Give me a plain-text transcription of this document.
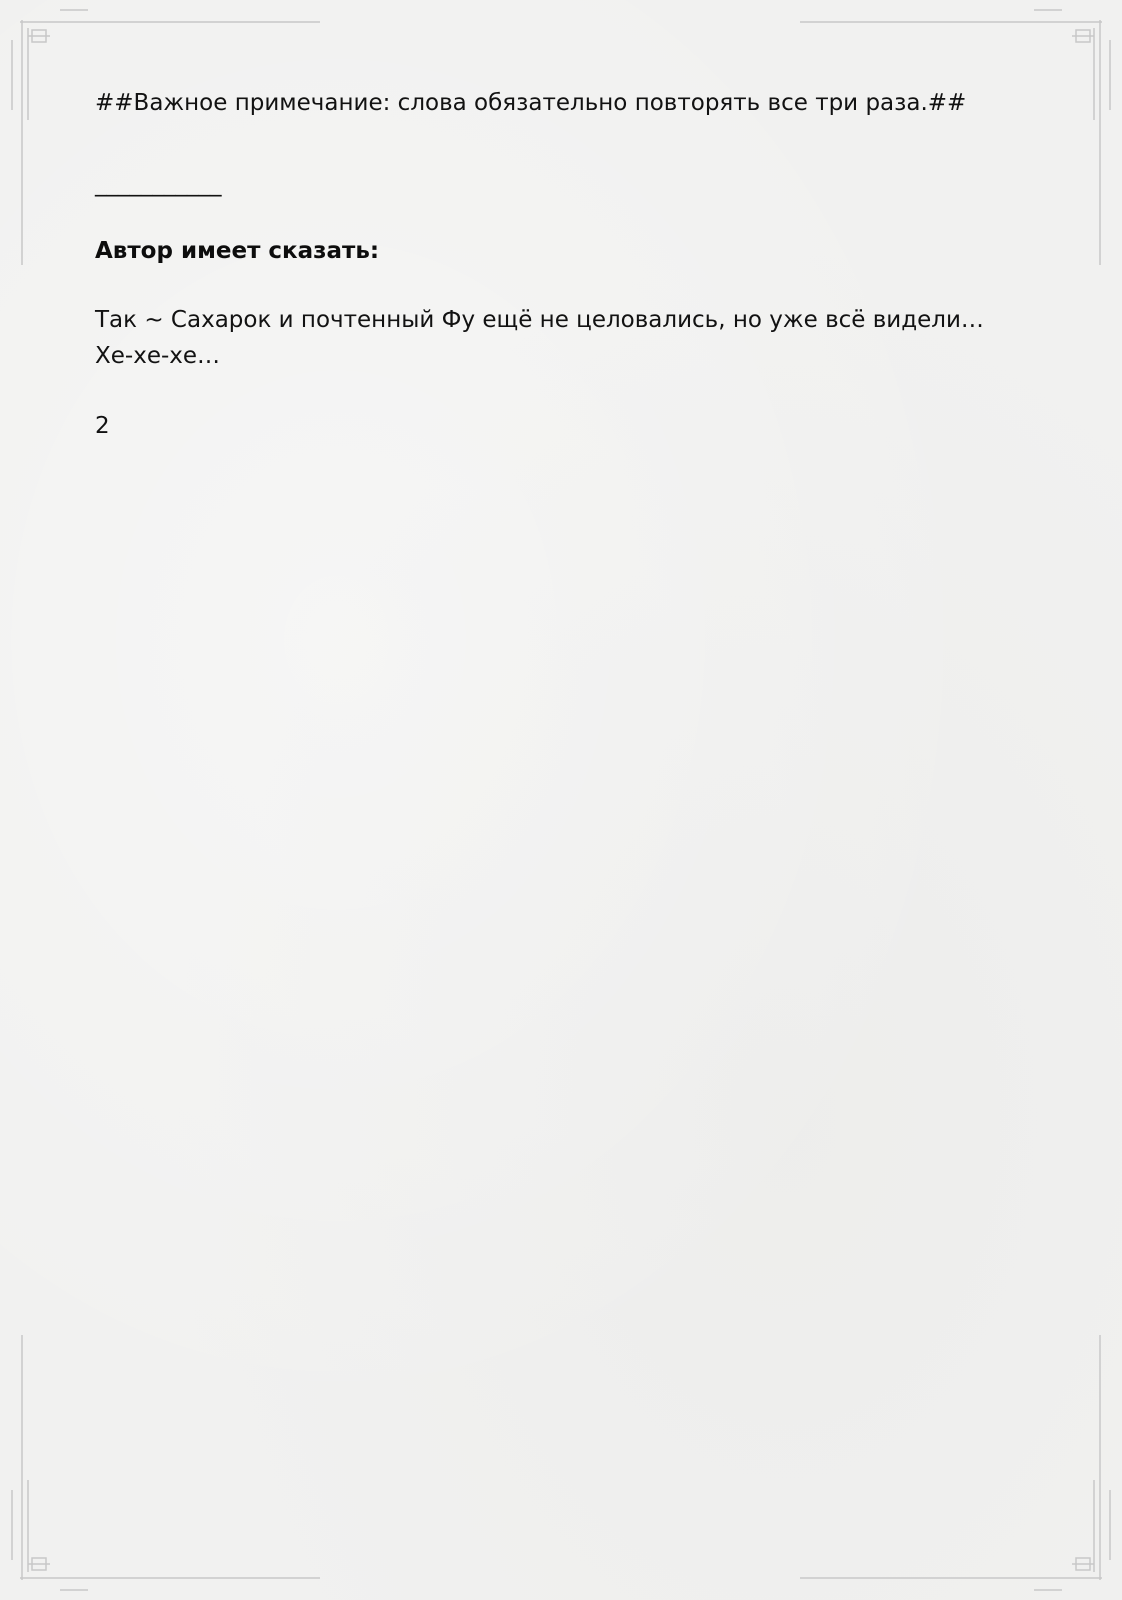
##Важное примечание: слова обязательно повторять все три раза.##

___________
Автор имеет сказать:

Так ~ Сахарок и почтенный Фу ещё не целовались, но уже всё видели… Хе-хе-хе…

2
